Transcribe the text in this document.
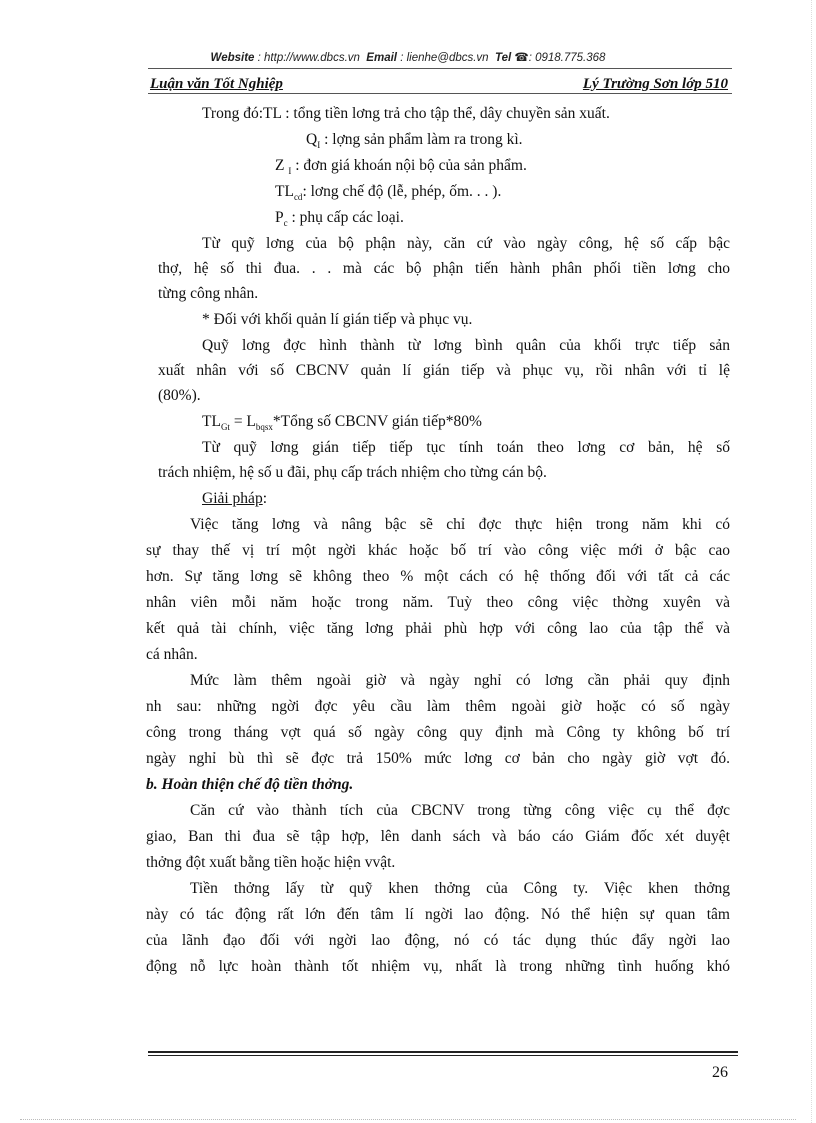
Website : http://www.dbcs.vn Email : lienhe@dbcs.vn Tel ☎: 0918.775.368
Luận văn Tốt Nghiệp	Lý Trường Sơn lớp 510
Trong đó:TL : tổng tiền lơng trả cho tập thể, dây chuyền sản xuất.
$Q_I$ : lợng sản phẩm làm ra trong kì.
Z $_I$ : đơn giá khoán nội bộ của sản phẩm.
$TL_{cd}$: lơng chế độ (lễ, phép, ốm. . . ).
$P_c$ : phụ cấp các loại.
Từ quỹ lơng của bộ phận này, căn cứ vào ngày công, hệ số cấp bậc
thợ, hệ số thi đua. . . mà các bộ phận tiến hành phân phối tiền lơng cho
từng công nhân.
* Đối với khối quản lí gián tiếp và phục vụ.
Quỹ lơng đợc hình thành từ lơng bình quân của khối trực tiếp sản
xuất nhân với số CBCNV quản lí gián tiếp và phục vụ, rồi nhân với tỉ lệ
(80%).
$TL_{Gt}$ = $L_{bqsx}*Tổng$ số CBCNV gián tiếp*80%
Từ quỹ lơng gián tiếp tiếp tục tính toán theo lơng cơ bản, hệ số
trách nhiệm, hệ số u đãi, phụ cấp trách nhiệm cho từng cán bộ.
Giải pháp:
Việc tăng lơng và nâng bậc sẽ chỉ đợc thực hiện trong năm khi có
sự thay thế vị trí một ngời khác hoặc bố trí vào công việc mới ở bậc cao
hơn. Sự tăng lơng sẽ không theo % một cách có hệ thống đối với tất cả các
nhân viên mỗi năm hoặc trong năm. Tuỳ theo công việc thờng xuyên và
kết quả tài chính, việc tăng lơng phải phù hợp với công lao của tập thể và
cá nhân.
Mức làm thêm ngoài giờ và ngày nghỉ có lơng cần phải quy định
nh sau: những ngời đợc yêu cầu làm thêm ngoài giờ hoặc có số ngày
công trong tháng vợt quá số ngày công quy định mà Công ty không bố trí
ngày nghỉ bù thì sẽ đợc trả 150% mức lơng cơ bản cho ngày giờ vợt đó.
b. Hoàn thiện chế độ tiền thởng.
Căn cứ vào thành tích của CBCNV trong từng công việc cụ thể đợc
giao, Ban thi đua sẽ tập hợp, lên danh sách và báo cáo Giám đốc xét duyệt
thởng đột xuất bằng tiền hoặc hiện vvật.
Tiền thởng lấy từ quỹ khen thởng của Công ty. Việc khen thởng
này có tác động rất lớn đến tâm lí ngời lao động. Nó thể hiện sự quan tâm
của lãnh đạo đối với ngời lao động, nó có tác dụng thúc đẩy ngời lao
động nỗ lực hoàn thành tốt nhiệm vụ, nhất là trong những tình huống khó
26
